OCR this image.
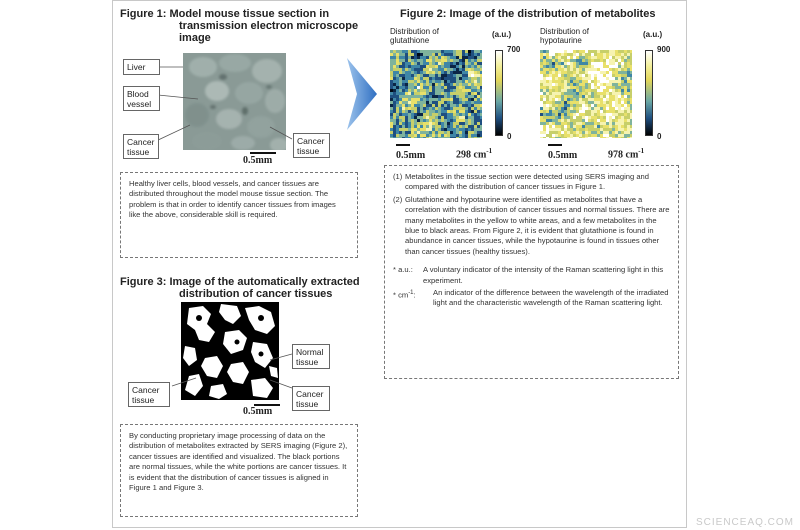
Figure 1: Model mouse tissue section in
transmission electron microscope
image
Liver
Blood
vessel
Cancer
tissue
Cancer
tissue
0.5mm

Healthy liver cells, blood vessels, and cancer tissues are distributed throughout the model mouse tissue section. The problem is that in order to identify cancer tissues from images like the above, considerable skill is required.

Figure 3: Image of the automatically extracted
distribution of cancer tissues
Normal
tissue
Cancer
tissue
Cancer
tissue
0.5mm

By conducting proprietary image processing of data on the distribution of metabolites extracted by SERS imaging (Figure 2), cancer tissues are identified and visualized. The black portions are normal tissues, while the white portions are cancer tissues. It is evident that the distribution of cancer tissues is aligned in Figure 1 and Figure 3.

Figure 2: Image of the distribution of metabolites
Distribution of
glutathione
(a.u.)
700
0
0.5mm	298 $cm^{-1}$
Distribution of
hypotaurine
(a.u.)
900
0
0.5mm	978 $cm^{-1}$
(1) Metabolites in the tissue section were detected using SERS imaging and compared with the distribution of cancer tissues in Figure 1.
(2) Glutathione and hypotaurine were identified as metabolites that have a correlation with the distribution of cancer tissues and normal tissues. There are many metabolites in the yellow to white areas, and a few metabolites in the blue to black areas. From Figure 2, it is evident that glutathione is found in abundance in cancer tissues, while the hypotaurine is found in tissues other than cancer tissues (healthy tissues).
* a.u.: A voluntary indicator of the intensity of the Raman scattering light in this experiment.
* $cm^{-1}$: An indicator of the difference between the wavelength of the irradiated light and the characteristic wavelength of the Raman scattering light.
SCIENCEAQ.COM
